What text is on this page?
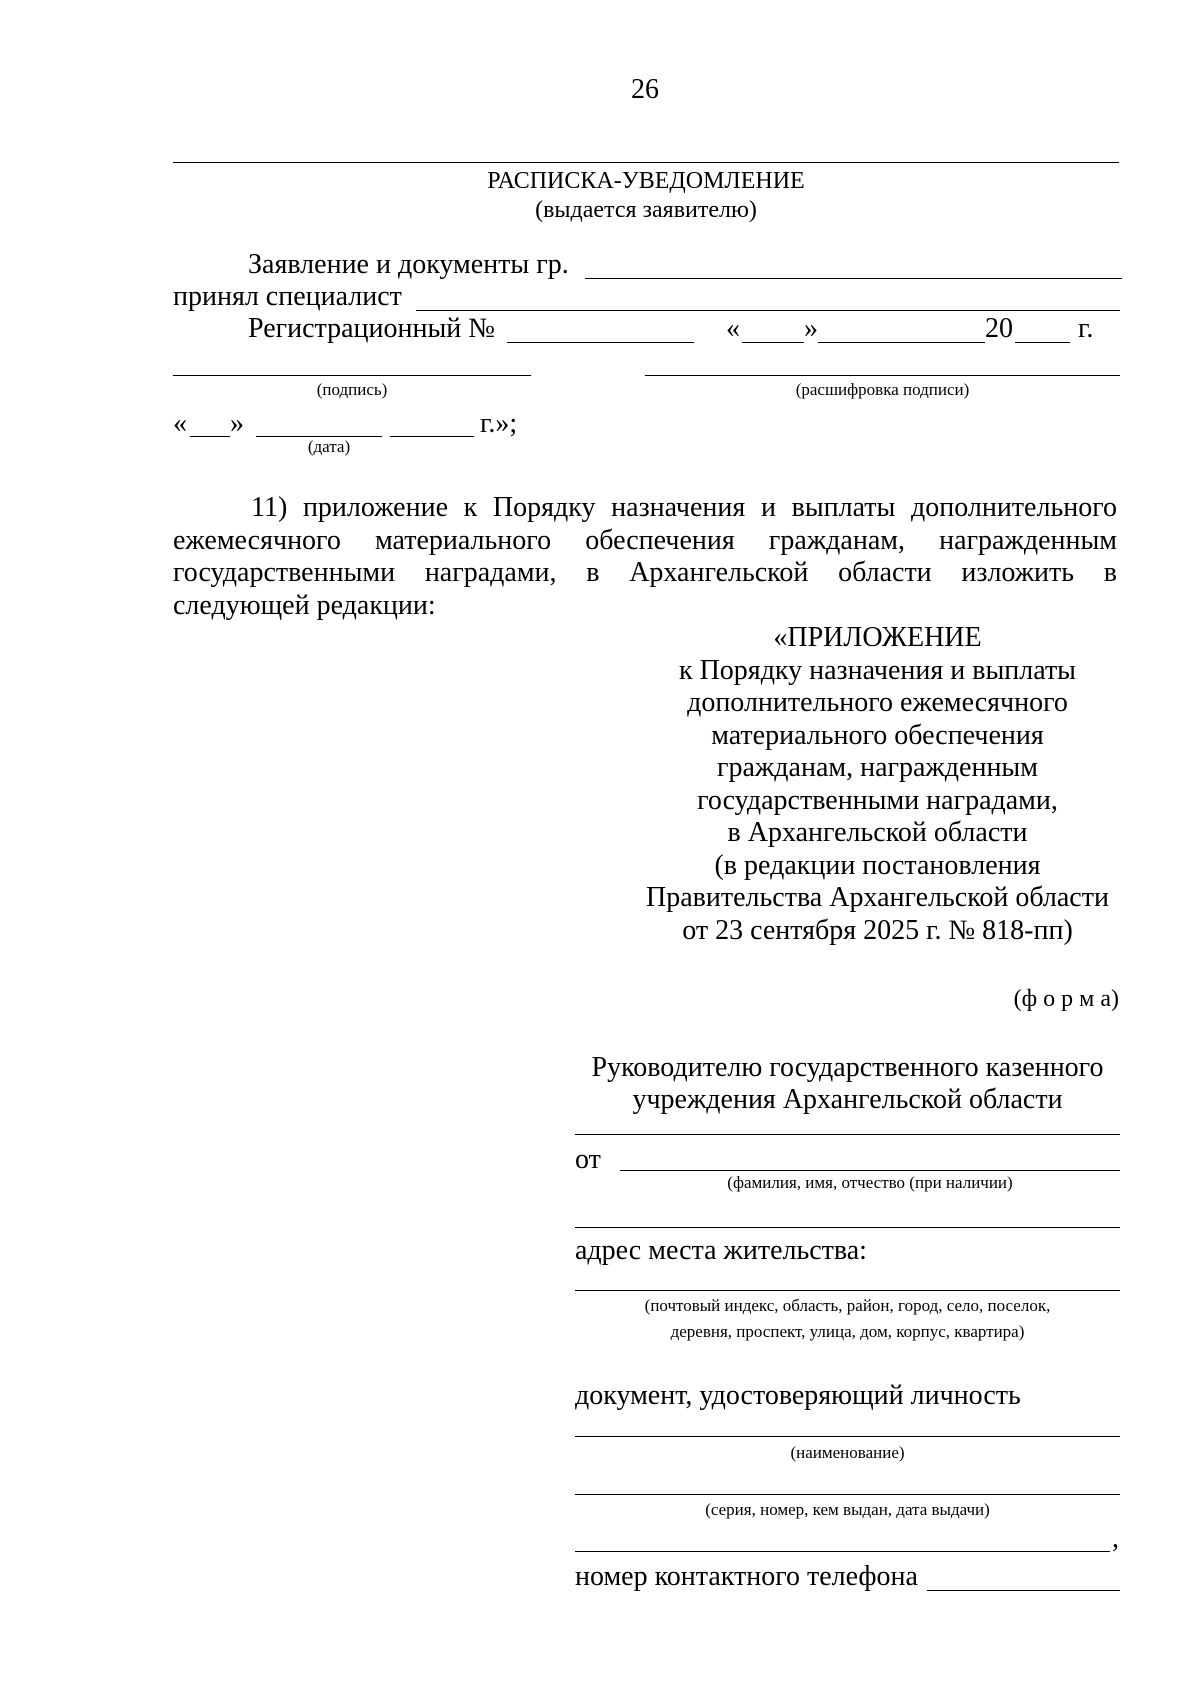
26
РАСПИСКА-УВЕДОМЛЕНИЕ
(выдается заявителю)
Заявление и документы гр.
принял специалист
Регистрационный №	« »	20 г.
(подпись)	(расшифровка подписи)
« »	г.»;
(дата)
11) приложение к Порядку назначения и выплаты дополнительного ежемесячного материального обеспечения гражданам, награжденным государственными наградами, в Архангельской области изложить в следующей редакции:
«ПРИЛОЖЕНИЕ
к Порядку назначения и выплаты
дополнительного ежемесячного
материального обеспечения
гражданам, награжденным
государственными наградами,
в Архангельской области
(в редакции постановления
Правительства Архангельской области
от 23 сентября 2025 г. № 818-пп)
(ф о р м а)
Руководителю государственного казенного
учреждения Архангельской области
от
(фамилия, имя, отчество (при наличии)
адрес места жительства:
(почтовый индекс, область, район, город, село, поселок,
деревня, проспект, улица, дом, корпус, квартира)
документ, удостоверяющий личность
(наименование)
(серия, номер, кем выдан, дата выдачи)
,
номер контактного телефона
